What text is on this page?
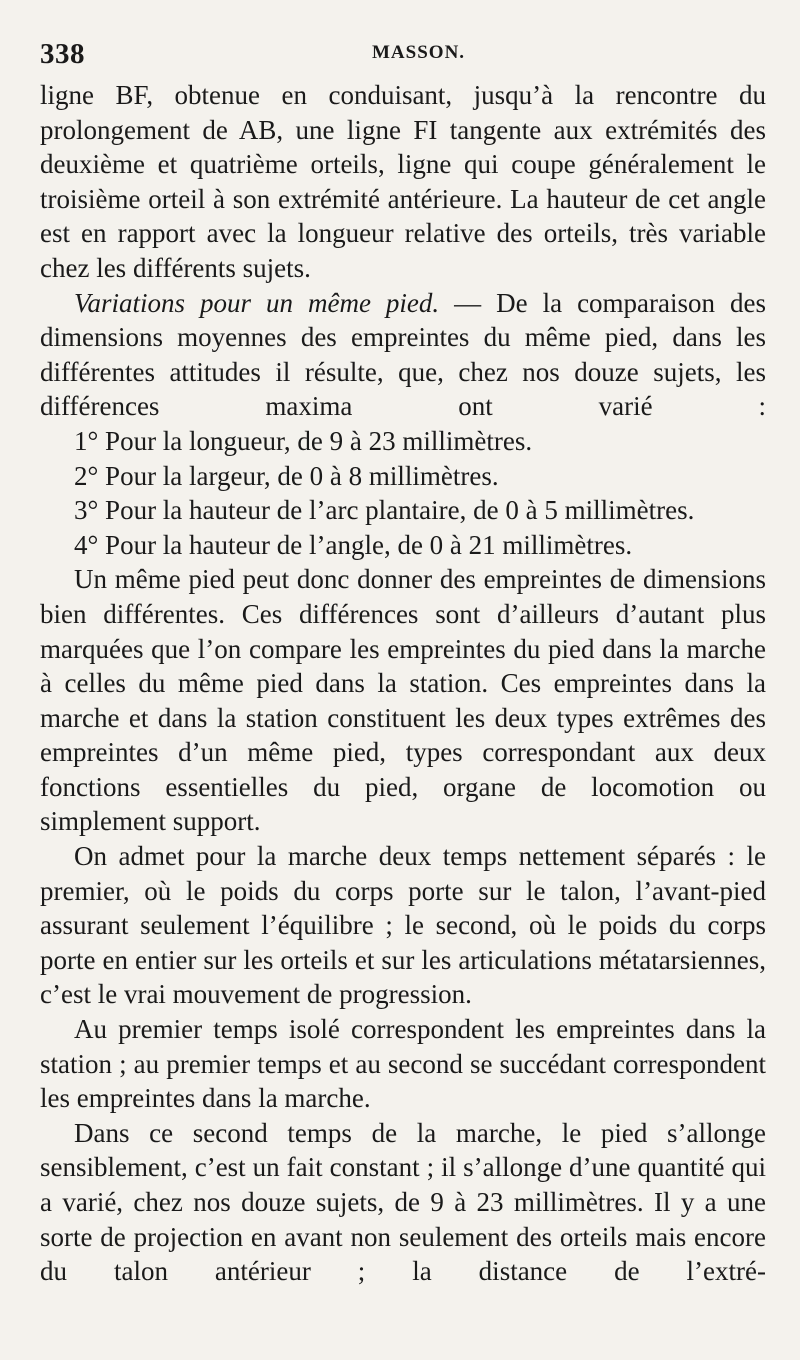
338	MASSON.

ligne BF, obtenue en conduisant, jusqu’à la rencontre du prolongement de AB, une ligne FI tangente aux extrémités des deuxième et quatrième orteils, ligne qui coupe généralement le troisième orteil à son extrémité antérieure. La hauteur de cet angle est en rapport avec la longueur relative des orteils, très variable chez les différents sujets.

Variations pour un même pied. — De la comparaison des dimensions moyennes des empreintes du même pied, dans les différentes attitudes il résulte, que, chez nos douze sujets, les différences maxima ont varié :

1° Pour la longueur, de 9 à 23 millimètres.

2° Pour la largeur, de 0 à 8 millimètres.

3° Pour la hauteur de l’arc plantaire, de 0 à 5 millimètres.

4° Pour la hauteur de l’angle, de 0 à 21 millimètres.

Un même pied peut donc donner des empreintes de dimensions bien différentes. Ces différences sont d’ailleurs d’autant plus marquées que l’on compare les empreintes du pied dans la marche à celles du même pied dans la station. Ces empreintes dans la marche et dans la station constituent les deux types extrêmes des empreintes d’un même pied, types correspondant aux deux fonctions essentielles du pied, organe de locomotion ou simplement support.

On admet pour la marche deux temps nettement séparés : le premier, où le poids du corps porte sur le talon, l’avant-pied assurant seulement l’équilibre ; le second, où le poids du corps porte en entier sur les orteils et sur les articulations métatarsiennes, c’est le vrai mouvement de progression.

Au premier temps isolé correspondent les empreintes dans la station ; au premier temps et au second se succédant correspondent les empreintes dans la marche.

Dans ce second temps de la marche, le pied s’allonge sensiblement, c’est un fait constant ; il s’allonge d’une quantité qui a varié, chez nos douze sujets, de 9 à 23 millimètres. Il y a une sorte de projection en avant non seulement des orteils mais encore du talon antérieur ; la distance de l’extré-
